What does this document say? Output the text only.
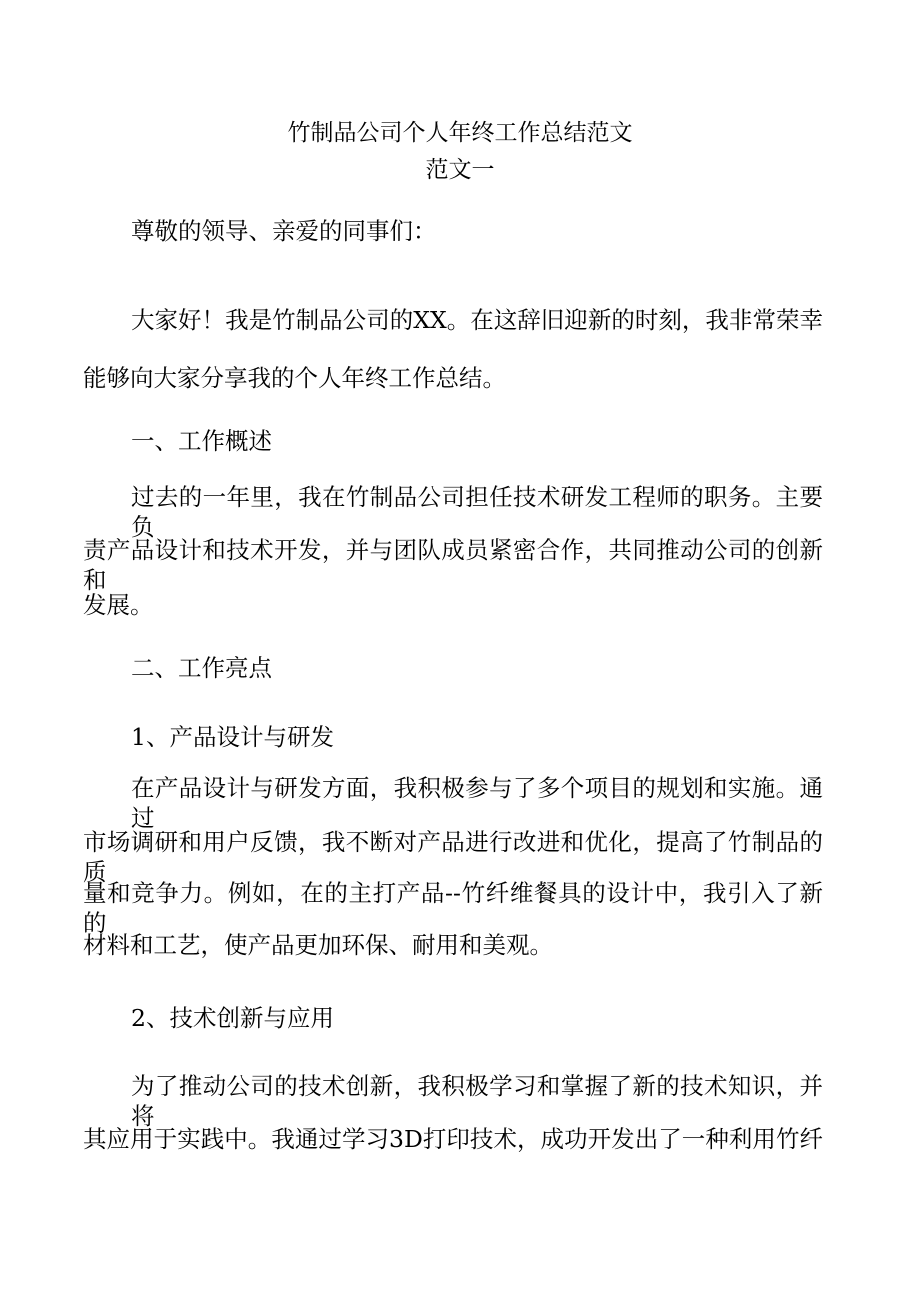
竹制品公司个人年终工作总结范文
范文一
尊敬的领导、亲爱的同事们：
大家好！我是竹制品公司的XX。在这辞旧迎新的时刻，我非常荣幸
能够向大家分享我的个人年终工作总结。
一、工作概述
过去的一年里，我在竹制品公司担任技术研发工程师的职务。主要负
责产品设计和技术开发，并与团队成员紧密合作，共同推动公司的创新和
发展。
二、工作亮点
1、产品设计与研发
在产品设计与研发方面，我积极参与了多个项目的规划和实施。通过
市场调研和用户反馈，我不断对产品进行改进和优化，提高了竹制品的质
量和竞争力。例如，在的主打产品--竹纤维餐具的设计中，我引入了新的
材料和工艺，使产品更加环保、耐用和美观。
2、技术创新与应用
为了推动公司的技术创新，我积极学习和掌握了新的技术知识，并将
其应用于实践中。我通过学习3D打印技术，成功开发出了一种利用竹纤
